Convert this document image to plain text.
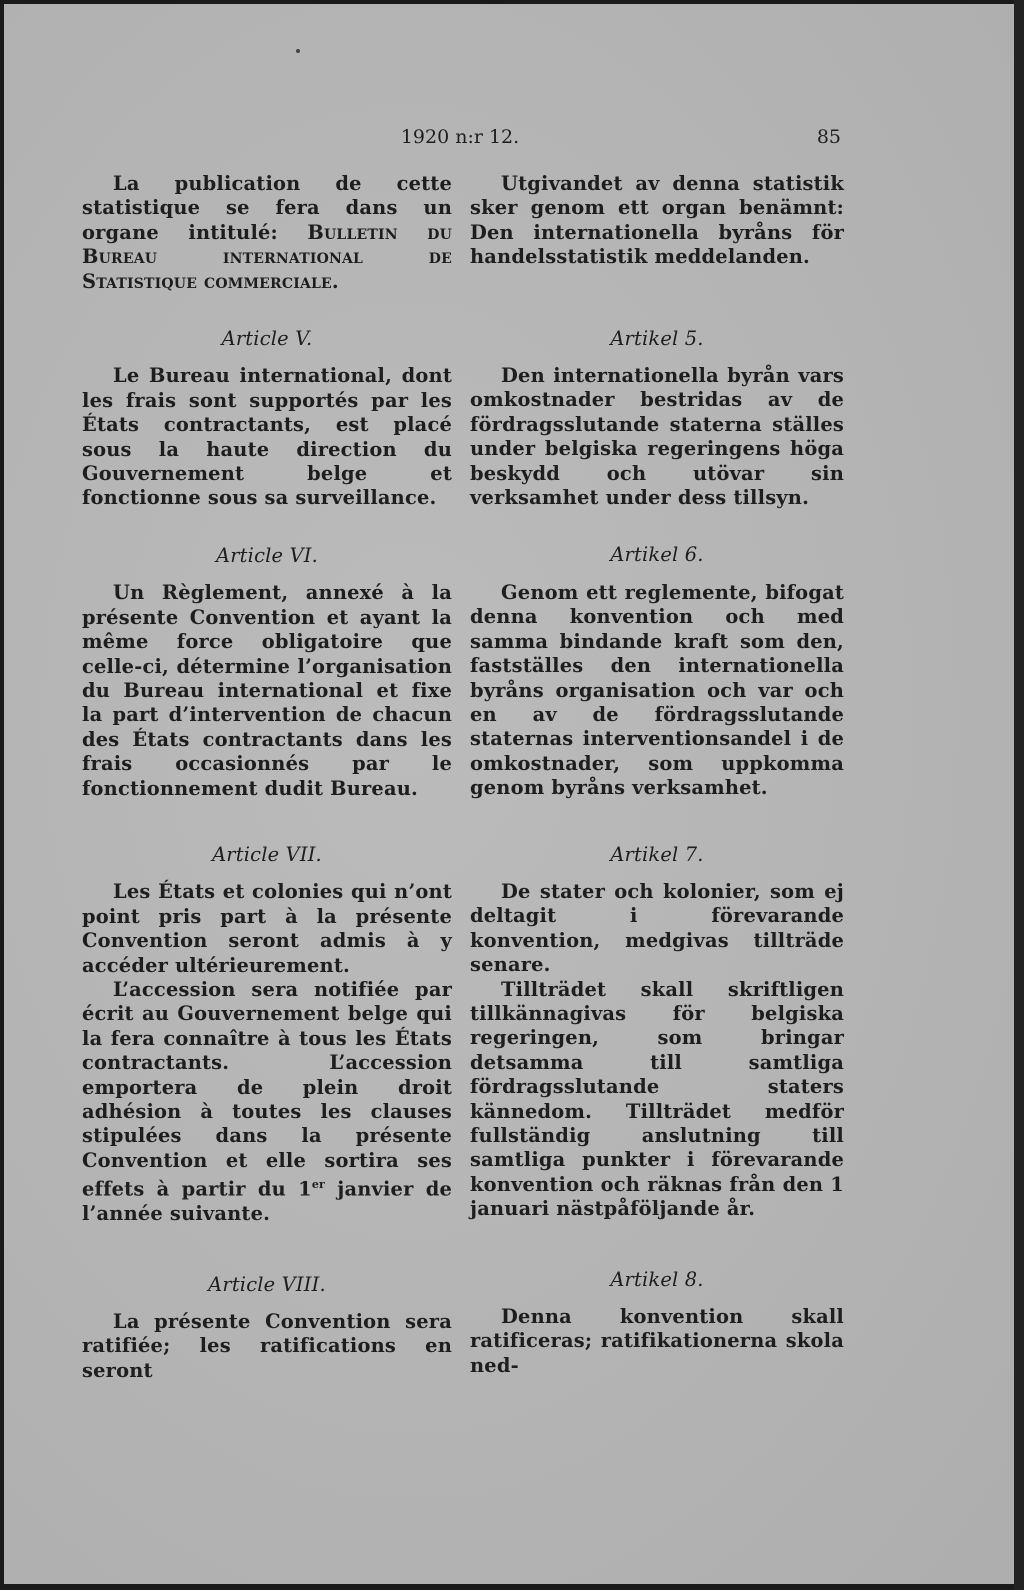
1920 n:r 12.	85

La publication de cette statistique se fera dans un organe intitulé: Bulletin du Bureau international de Statistique commerciale.

Article V.

Le Bureau international, dont les frais sont supportés par les États contractants, est placé sous la haute direction du Gouvernement belge et fonctionne sous sa surveillance.

Article VI.

Un Règlement, annexé à la présente Convention et ayant la même force obligatoire que celle-ci, détermine l’organisation du Bureau international et fixe la part d’intervention de chacun des États contractants dans les frais occasionnés par le fonctionnement dudit Bureau.

Article VII.

Les États et colonies qui n’ont point pris part à la présente Convention seront admis à y accéder ultérieurement.

L’accession sera notifiée par écrit au Gouvernement belge qui la fera connaître à tous les États contractants. L’accession emportera de plein droit adhésion à toutes les clauses stipulées dans la présente Convention et elle sortira ses effets à partir du 1er janvier de l’année suivante.

Article VIII.

La présente Convention sera ratifiée; les ratifications en seront

Utgivandet av denna statistik sker genom ett organ benämnt: Den internationella byråns för handelsstatistik meddelanden.

Artikel 5.

Den internationella byrån vars omkostnader bestridas av de fördragsslutande staterna ställes under belgiska regeringens höga beskydd och utövar sin verksamhet under dess tillsyn.

Artikel 6.

Genom ett reglemente, bifogat denna konvention och med samma bindande kraft som den, fastställes den internationella byråns organisation och var och en av de fördragsslutande staternas interventionsandel i de omkostnader, som uppkomma genom byråns verksamhet.

Artikel 7.

De stater och kolonier, som ej deltagit i förevarande konvention, medgivas tillträde senare.

Tillträdet skall skriftligen tillkännagivas för belgiska regeringen, som bringar detsamma till samtliga fördragsslutande staters kännedom. Tillträdet medför fullständig anslutning till samtliga punkter i förevarande konvention och räknas från den 1 januari nästpåföljande år.

Artikel 8.

Denna konvention skall ratificeras; ratifikationerna skola ned-
